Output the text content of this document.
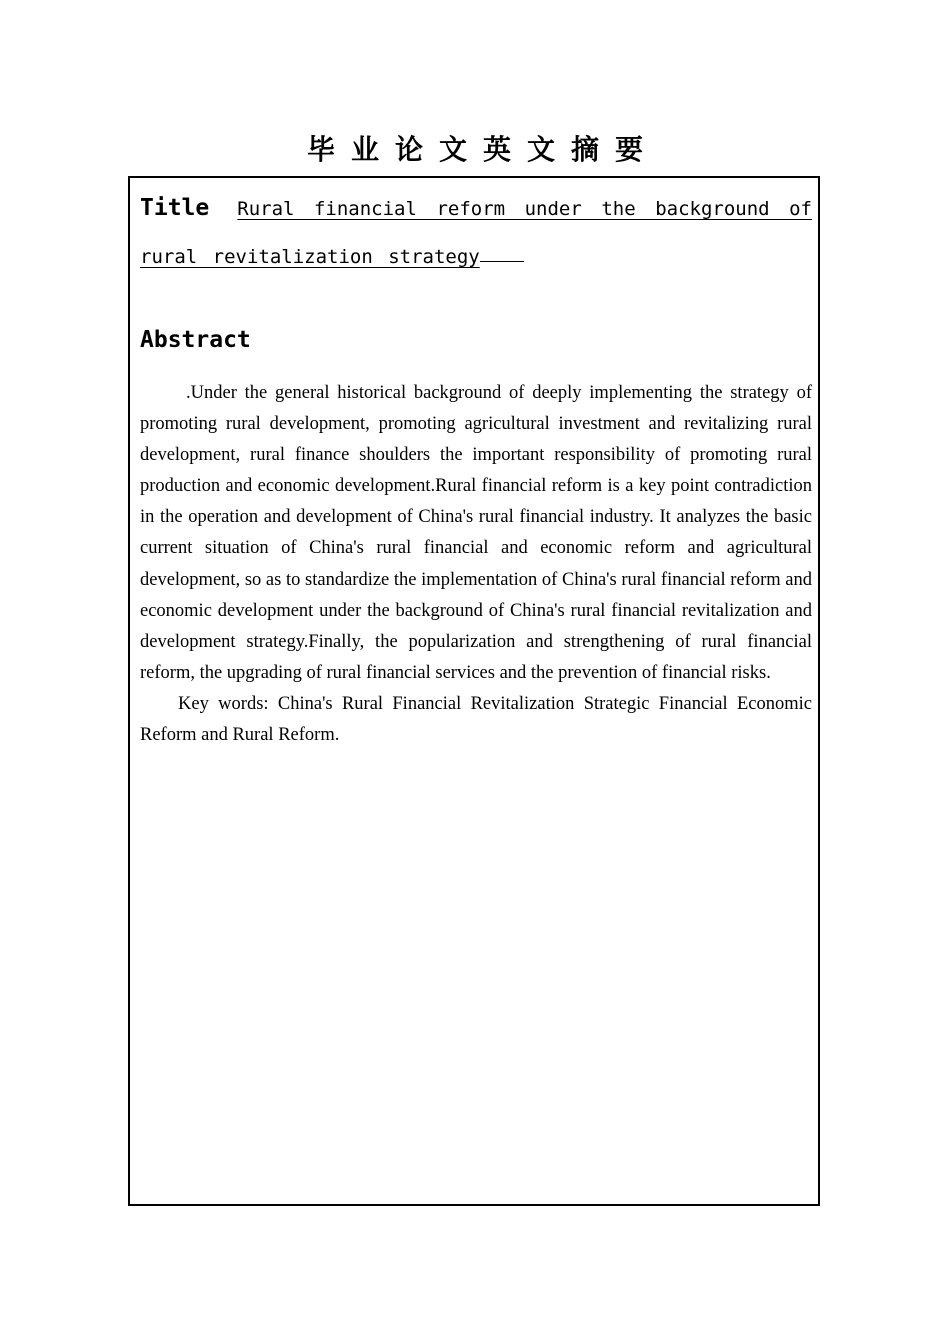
毕业论文英文摘要

Title Rural financial reform under the background of rural revitalization strategy

Abstract

.Under the general historical background of deeply implementing the strategy of promoting rural development, promoting agricultural investment and revitalizing rural development, rural finance shoulders the important responsibility of promoting rural production and economic development.Rural financial reform is a key point contradiction in the operation and development of China's rural financial industry. It analyzes the basic current situation of China's rural financial and economic reform and agricultural development, so as to standardize the implementation of China's rural financial reform and economic development under the background of China's rural financial revitalization and development strategy.Finally, the popularization and strengthening of rural financial reform, the upgrading of rural financial services and the prevention of financial risks.

Key words: China's Rural Financial Revitalization Strategic Financial Economic Reform and Rural Reform.
